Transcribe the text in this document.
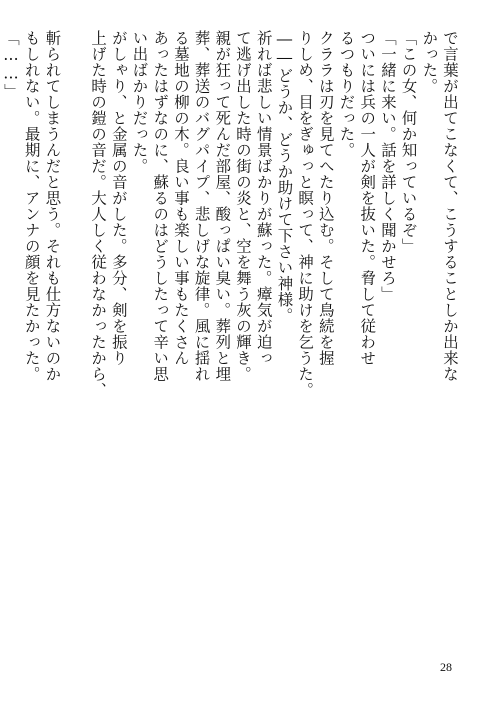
で言葉が出てこなくて、こうすることしか出来な
かった。
「この女、何か知っているぞ」
「一緒に来い。話を詳しく聞かせろ」
ついには兵の一人が剣を抜いた。脅して従わせ
るつもりだった。
クララは刃を見てへたり込む。そして鳥続を握
りしめ、目をぎゅっと瞑って、神に助けを乞うた。
――どうか、どうか助けて下さい神様。
祈れば悲しい情景ばかりが蘇った。瘴気が迫っ
て逃げ出した時の街の炎と、空を舞う灰の輝き。
親が狂って死んだ部屋、酸っぱい臭い。葬列と埋
葬、葬送のバグパイプ、悲しげな旋律。風に揺れ
る墓地の柳の木。良い事も楽しい事もたくさん
あったはずなのに、蘇るのはどうしたって辛い思
い出ばかりだった。
がしゃり、と金属の音がした。多分、剣を振り
上げた時の鎧の音だ。大人しく従わなかったから、
斬られてしまうんだと思う。それも仕方ないのか
もしれない。最期に、アンナの顔を見たかった。
「……」
28
